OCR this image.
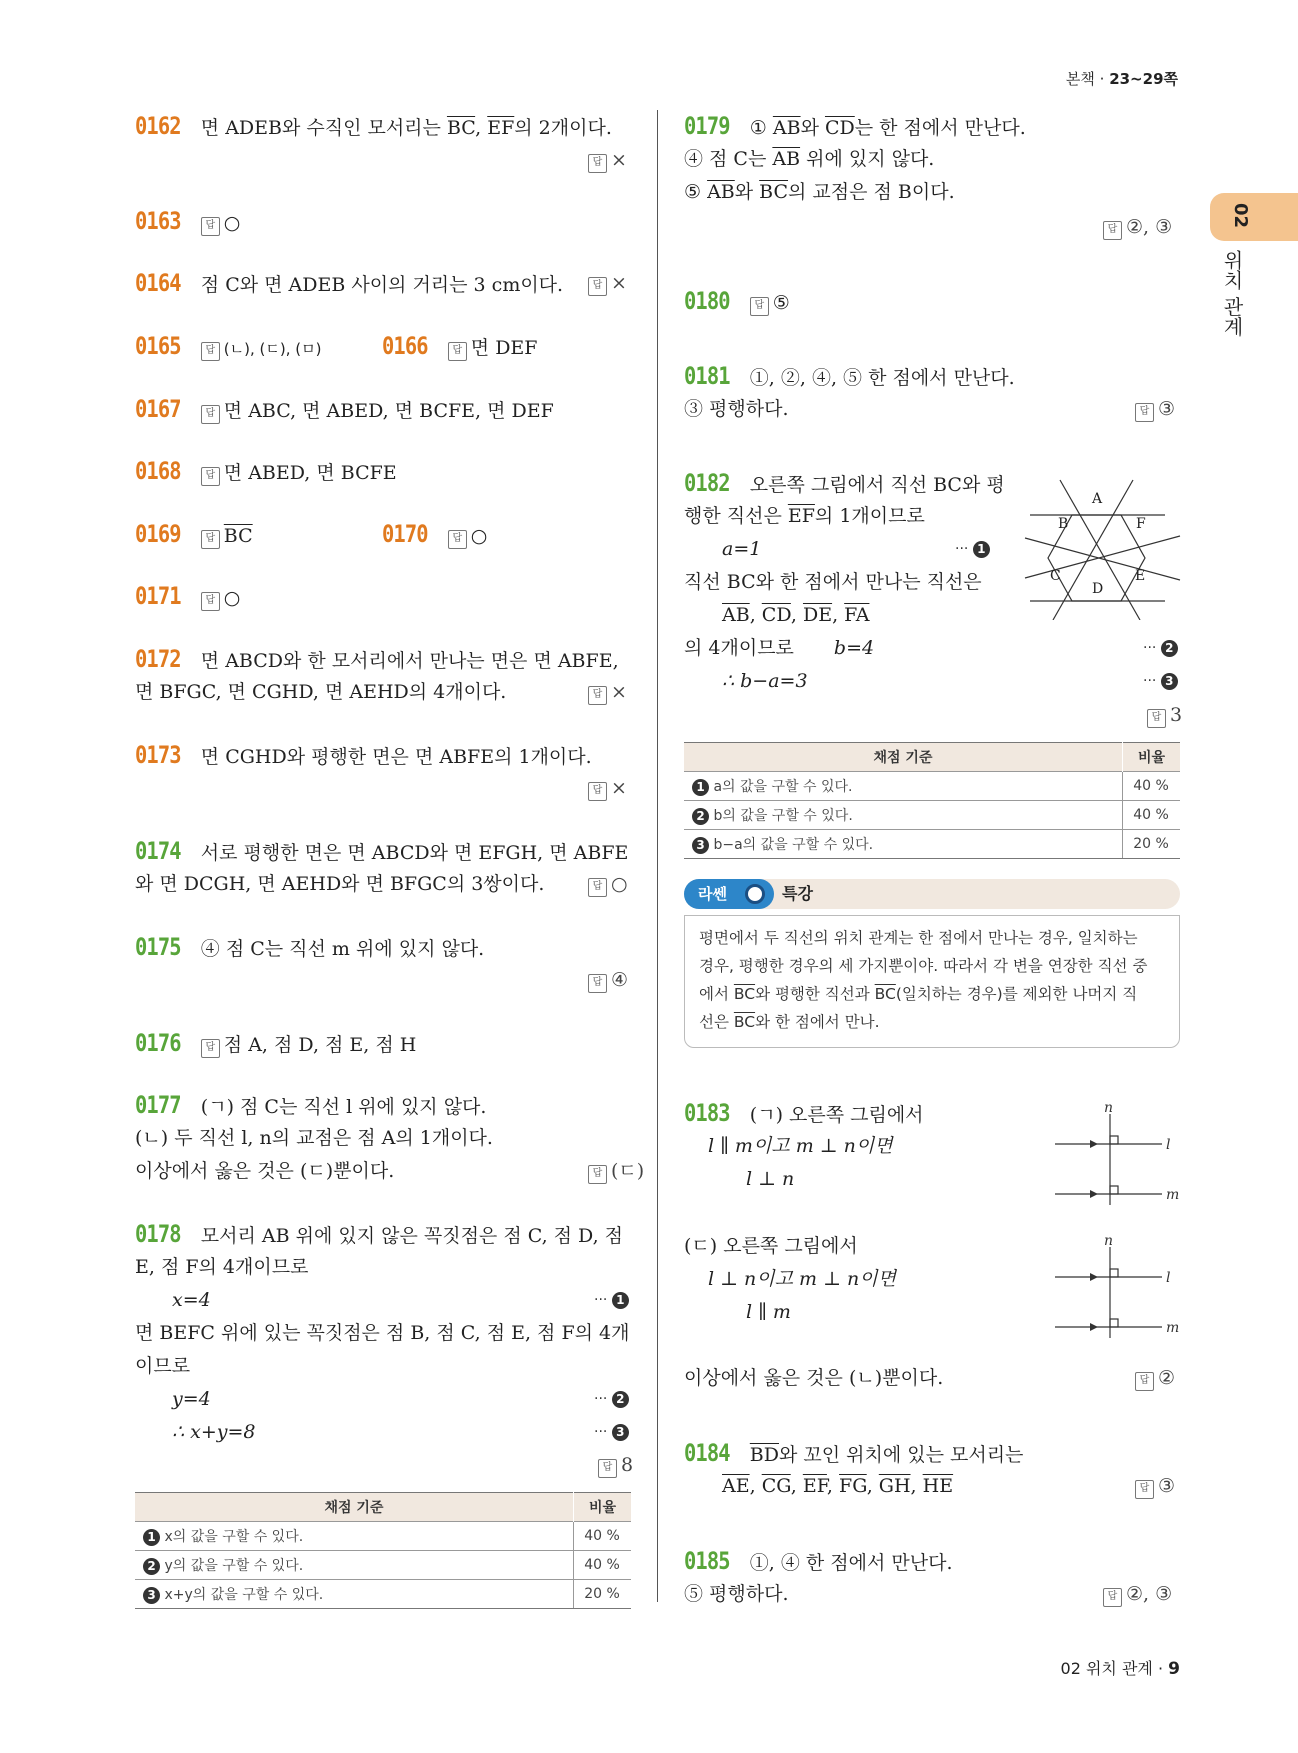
본책 · 23~29쪽
02
위치 관계
0162 면 ADEB와 수직인 모서리는 $\overline{BC}$, $\overline{EF}$의 2개이다.
답 ×
0163 답 ○
0164 점 C와 면 ADEB 사이의 거리는 3 cm이다.	답 ×
0165 답 (ㄴ), (ㄷ), (ㅁ)	0166 답 면 DEF
0167 답 면 ABC, 면 ABED, 면 BCFE, 면 DEF
0168 답 면 ABED, 면 BCFE
0169 답 $\overline{BC}$	0170 답 ○
0171 답 ○
0172 면 ABCD와 한 모서리에서 만나는 면은 면 ABFE,
면 BFGC, 면 CGHD, 면 AEHD의 4개이다.	답 ×
0173 면 CGHD와 평행한 면은 면 ABFE의 1개이다.
답 ×
0174 서로 평행한 면은 면 ABCD와 면 EFGH, 면 ABFE
와 면 DCGH, 면 AEHD와 면 BFGC의 3쌍이다.	답 ○
0175 ④ 점 C는 직선 m 위에 있지 않다.
답 ④
0176 답 점 A, 점 D, 점 E, 점 H
0177 (ㄱ) 점 C는 직선 l 위에 있지 않다.
(ㄴ) 두 직선 l, n의 교점은 점 A의 1개이다.
이상에서 옳은 것은 (ㄷ)뿐이다.	답 (ㄷ)
0178 모서리 AB 위에 있지 않은 꼭짓점은 점 C, 점 D, 점
E, 점 F의 4개이므로
x=4	··· 1
면 BEFC 위에 있는 꼭짓점은 점 B, 점 C, 점 E, 점 F의 4개
이므로
y=4	··· 2
∴ x+y=8	··· 3
답 8
채점 기준	비율
1 x의 값을 구할 수 있다.	40 %
2 y의 값을 구할 수 있다.	40 %
3 x+y의 값을 구할 수 있다.	20 %
0179 ① $\overline{AB}$와 $\overline{CD}$는 한 점에서 만난다.
④ 점 C는 $\overline{AB}$ 위에 있지 않다.
⑤ $\overline{AB}$와 $\overline{BC}$의 교점은 점 B이다.
답 ②, ③
0180 답 ⑤
0181 ①, ②, ④, ⑤ 한 점에서 만난다.
③ 평행하다.	답 ③
0182 오른쪽 그림에서 직선 BC와 평
행한 직선은 $\overline{EF}$의 1개이므로
a=1	··· 1
직선 BC와 한 점에서 만나는 직선은
$\overline{AB}$, $\overline{CD}$, $\overline{DE}$, $\overline{FA}$
의 4개이므로 b=4	··· 2
∴ b−a=3	··· 3
답 3
A
B	F
C	E
D
채점 기준	비율
1 a의 값을 구할 수 있다.	40 %
2 b의 값을 구할 수 있다.	40 %
3 b−a의 값을 구할 수 있다.	20 %
라쎈	특강
평면에서 두 직선의 위치 관계는 한 점에서 만나는 경우, 일치하는
경우, 평행한 경우의 세 가지뿐이야. 따라서 각 변을 연장한 직선 중
에서 $\overline{BC}$와 평행한 직선과 $\overline{BC}$(일치하는 경우)를 제외한 나머지 직
선은 $\overline{BC}$와 한 점에서 만나.
0183 (ㄱ) 오른쪽 그림에서
l ∥ m이고 m ⊥ n이면
l ⊥ n
(ㄷ) 오른쪽 그림에서
l ⊥ n이고 m ⊥ n이면
l ∥ m
이상에서 옳은 것은 (ㄴ)뿐이다.	답 ②
n
l
m
n
l
m
0184 $\overline{BD}$와 꼬인 위치에 있는 모서리는
$\overline{AE}$, $\overline{CG}$, $\overline{EF}$, $\overline{FG}$, $\overline{GH}$, $\overline{HE}$	답 ③
0185 ①, ④ 한 점에서 만난다.
⑤ 평행하다.	답 ②, ③
02 위치 관계 · 9
